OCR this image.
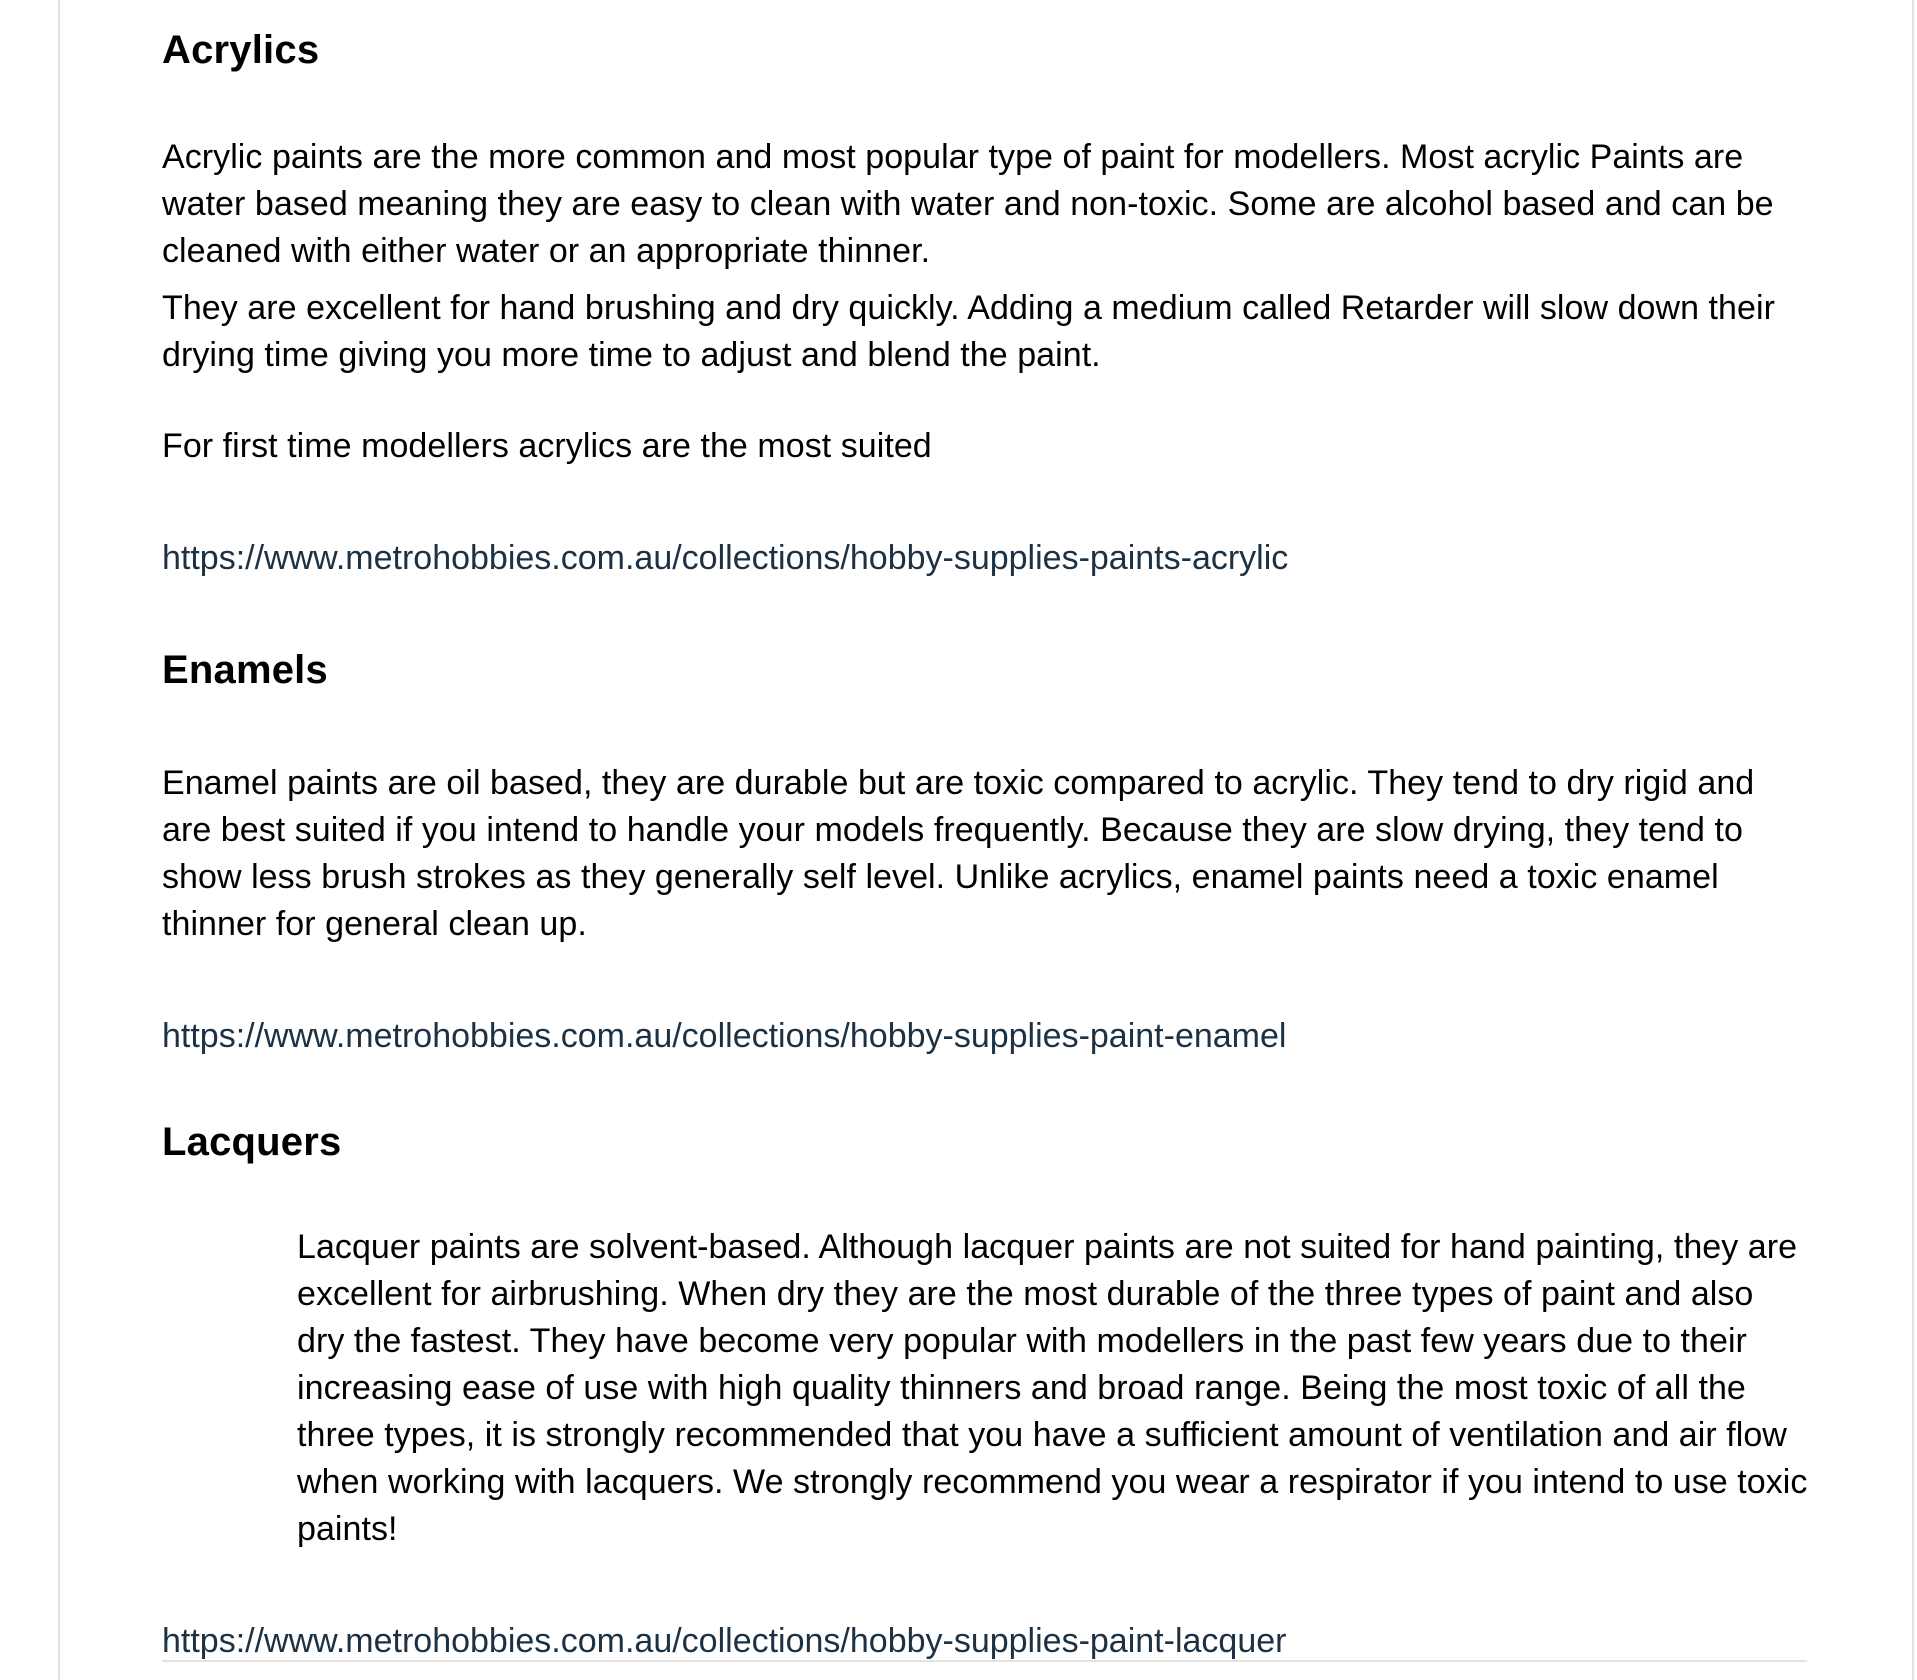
Acrylics

Acrylic paints are the more common and most popular type of paint for modellers. Most acrylic Paints are water based meaning they are easy to clean with water and non-toxic. Some are alcohol based and can be cleaned with either water or an appropriate thinner.

They are excellent for hand brushing and dry quickly. Adding a medium called Retarder will slow down their drying time giving you more time to adjust and blend the paint.

For first time modellers acrylics are the most suited

https://www.metrohobbies.com.au/collections/hobby-supplies-paints-acrylic
Enamels

Enamel paints are oil based, they are durable but are toxic compared to acrylic. They tend to dry rigid and are best suited if you intend to handle your models frequently. Because they are slow drying, they tend to show less brush strokes as they generally self level. Unlike acrylics, enamel paints need a toxic enamel thinner for general clean up.

https://www.metrohobbies.com.au/collections/hobby-supplies-paint-enamel
Lacquers

Lacquer paints are solvent-based. Although lacquer paints are not suited for hand painting, they are excellent for airbrushing. When dry they are the most durable of the three types of paint and also dry the fastest. They have become very popular with modellers in the past few years due to their increasing ease of use with high quality thinners and broad range. Being the most toxic of all the three types, it is strongly recommended that you have a sufficient amount of ventilation and air flow when working with lacquers. We strongly recommend you wear a respirator if you intend to use toxic paints!

https://www.metrohobbies.com.au/collections/hobby-supplies-paint-lacquer
